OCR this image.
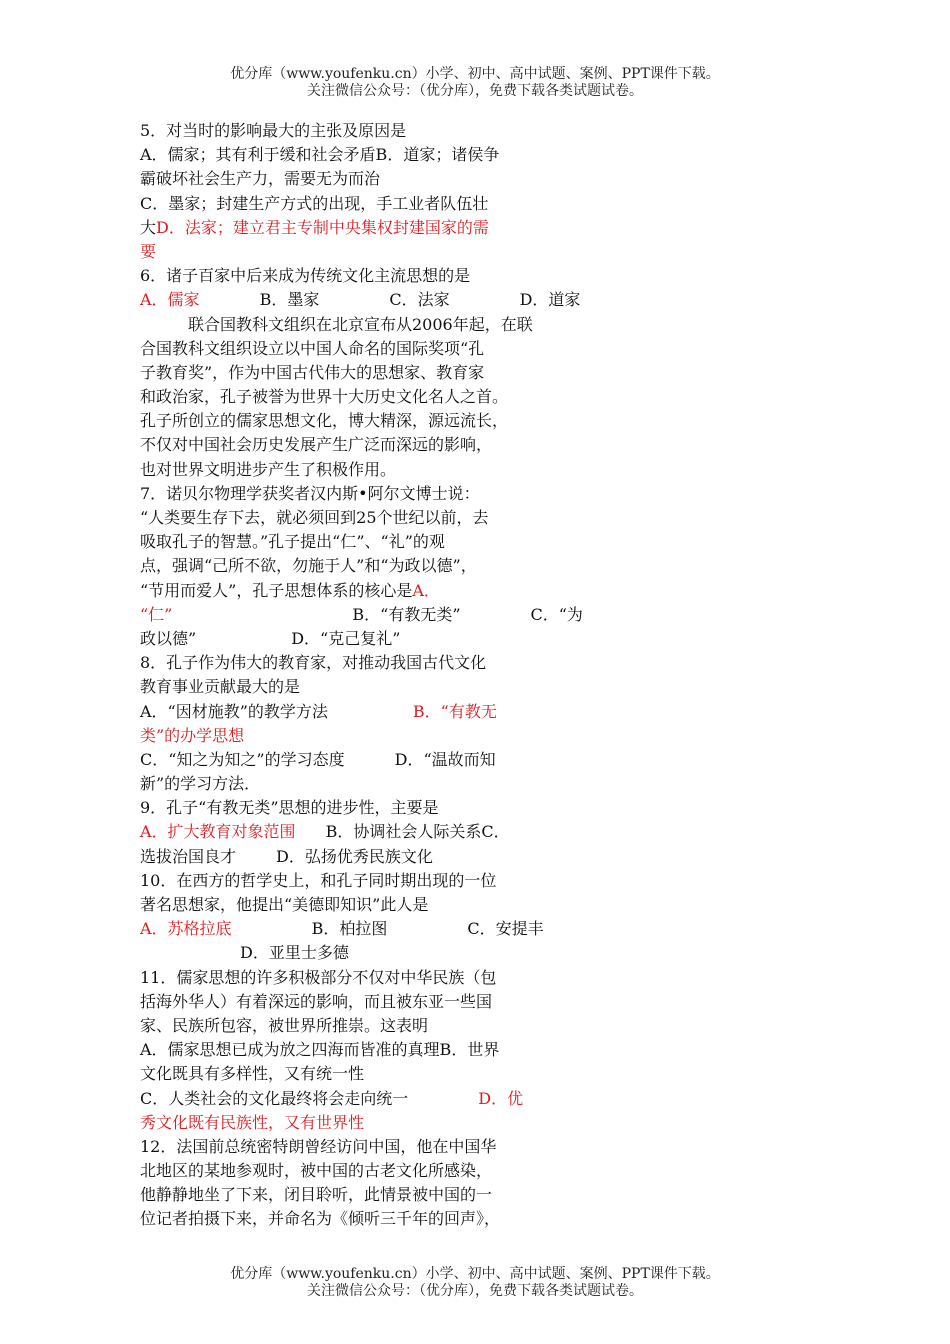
优分库（www.youfenku.cn）小学、初中、高中试题、案例、PPT课件下载。
关注微信公众号：（优分库），免费下载各类试题试卷。
5．对当时的影响最大的主张及原因是
A．儒家；其有利于缓和社会矛盾B．道家；诸侯争
霸破坏社会生产力，需要无为而治
C．墨家；封建生产方式的出现，手工业者队伍壮
大D．法家；建立君主专制中央集权封建国家的需
要
6．诸子百家中后来成为传统文化主流思想的是
A．儒家	B．墨家	C．法家	D．道家
联合国教科文组织在北京宣布从2006年起，在联
合国教科文组织设立以中国人命名的国际奖项“孔
子教育奖”，作为中国古代伟大的思想家、教育家
和政治家，孔子被誉为世界十大历史文化名人之首。
孔子所创立的儒家思想文化，博大精深，源远流长，
不仅对中国社会历史发展产生广泛而深远的影响，
也对世界文明进步产生了积极作用。
7．诺贝尔物理学获奖者汉内斯•阿尔文博士说：
“人类要生存下去，就必须回到25个世纪以前，去
吸取孔子的智慧。”孔子提出“仁”、“礼”的观
点，强调“己所不欲，勿施于人”和“为政以德”，
“节用而爱人”，孔子思想体系的核心是A．
“仁”	B．“有教无类”	C．“为
政以德”	D．“克己复礼”
8．孔子作为伟大的教育家，对推动我国古代文化
教育事业贡献最大的是
A．“因材施教”的教学方法	B．“有教无
类”的办学思想
C．“知之为知之”的学习态度	D．“温故而知
新”的学习方法．
9．孔子“有教无类”思想的进步性，主要是
A．扩大教育对象范围 B．协调社会人际关系C．
选拔治国良才	D．弘扬优秀民族文化
10．在西方的哲学史上，和孔子同时期出现的一位
著名思想家，他提出“美德即知识”此人是
A．苏格拉底	B．柏拉图	C．安提丰
D．亚里士多德
11．儒家思想的许多积极部分不仅对中华民族（包
括海外华人）有着深远的影响，而且被东亚一些国
家、民族所包容，被世界所推崇。这表明
A．儒家思想已成为放之四海而皆准的真理B．世界
文化既具有多样性，又有统一性
C．人类社会的文化最终将会走向统一	D．优
秀文化既有民族性，又有世界性
12．法国前总统密特朗曾经访问中国，他在中国华
北地区的某地参观时，被中国的古老文化所感染，
他静静地坐了下来，闭目聆听，此情景被中国的一
位记者拍摄下来，并命名为《倾听三千年的回声》，
优分库（www.youfenku.cn）小学、初中、高中试题、案例、PPT课件下载。
关注微信公众号：（优分库），免费下载各类试题试卷。
